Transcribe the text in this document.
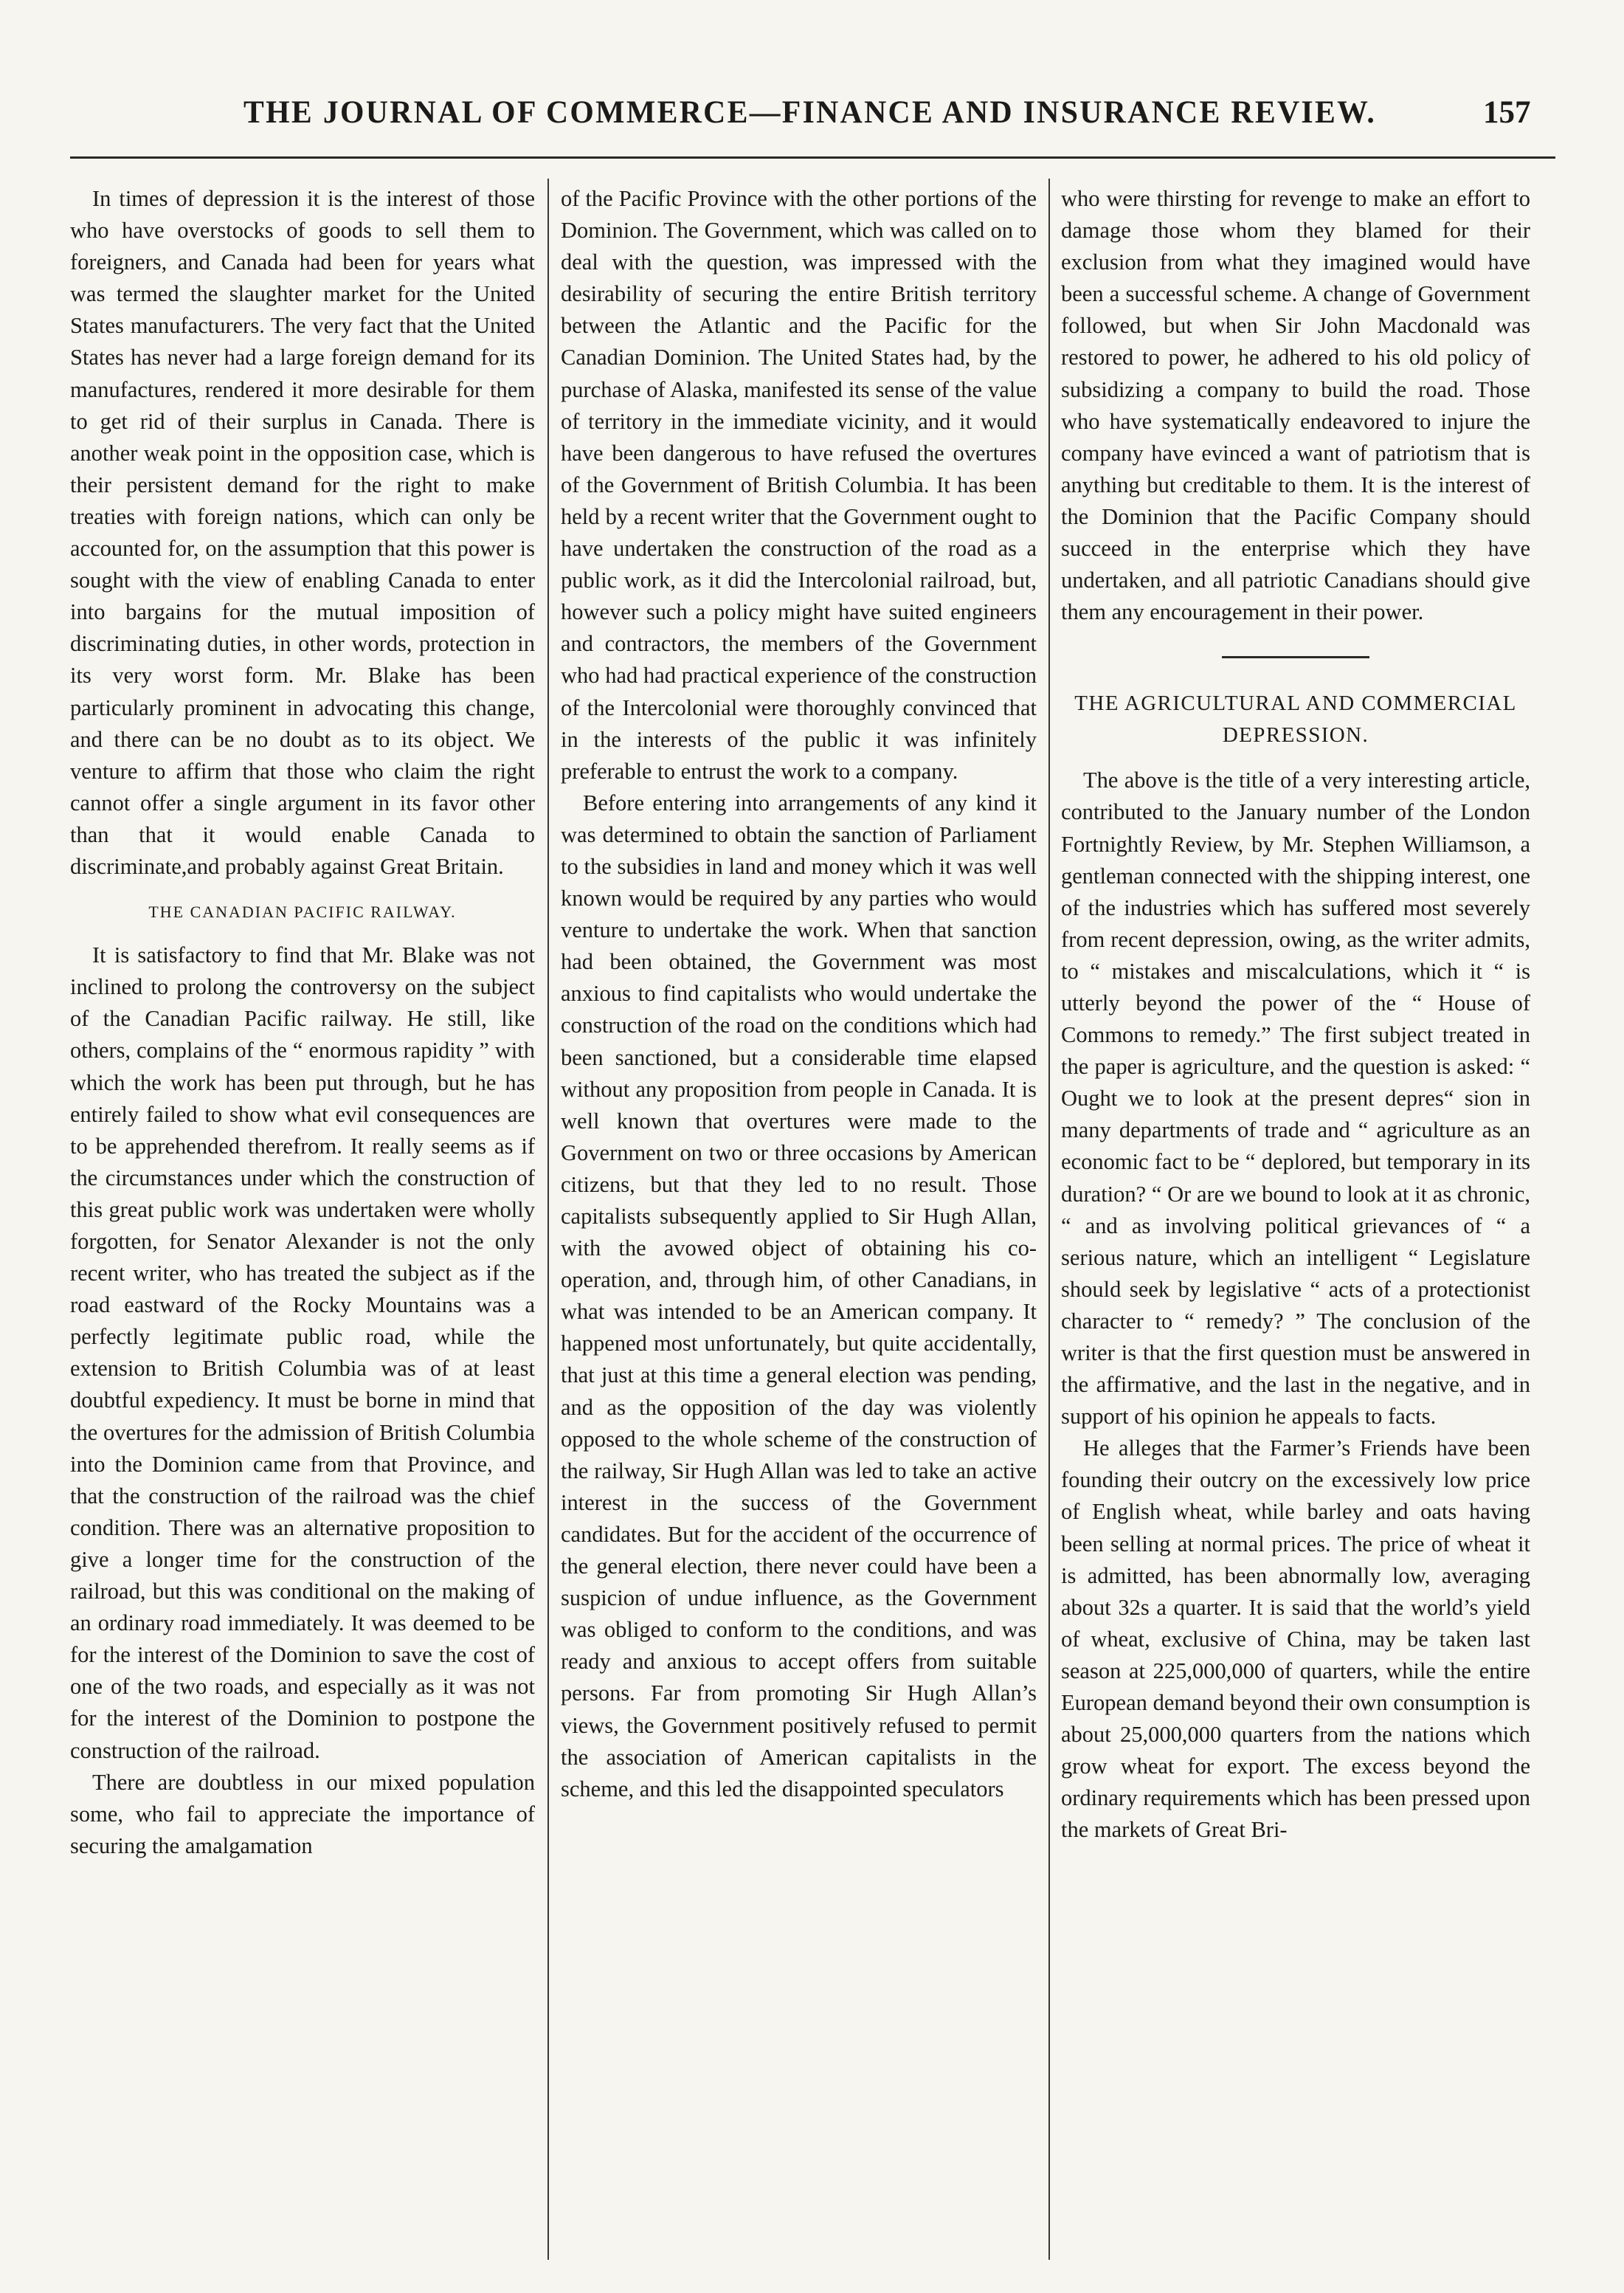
THE JOURNAL OF COMMERCE—FINANCE AND INSURANCE REVIEW.	157

In times of depression it is the interest of those who have overstocks of goods to sell them to foreigners, and Canada had been for years what was termed the slaughter market for the United States manufacturers. The very fact that the United States has never had a large foreign demand for its manufactures, rendered it more desirable for them to get rid of their surplus in Canada. There is another weak point in the opposition case, which is their persistent demand for the right to make treaties with foreign nations, which can only be accounted for, on the assumption that this power is sought with the view of enabling Canada to enter into bargains for the mutual imposition of discriminating duties, in other words, protection in its very worst form. Mr. Blake has been particularly prominent in advocating this change, and there can be no doubt as to its object. We venture to affirm that those who claim the right cannot offer a single argument in its favor other than that it would enable Canada to discriminate,and probably against Great Britain.

THE CANADIAN PACIFIC RAILWAY.

It is satisfactory to find that Mr. Blake was not inclined to prolong the controversy on the subject of the Canadian Pacific railway. He still, like others, complains of the “ enormous rapidity ” with which the work has been put through, but he has entirely failed to show what evil consequences are to be apprehended therefrom. It really seems as if the circumstances under which the construction of this great public work was undertaken were wholly forgotten, for Senator Alexander is not the only recent writer, who has treated the subject as if the road eastward of the Rocky Mountains was a perfectly legitimate public road, while the extension to British Columbia was of at least doubtful expediency. It must be borne in mind that the overtures for the admission of British Columbia into the Dominion came from that Province, and that the construction of the railroad was the chief condition. There was an alternative proposition to give a longer time for the construction of the railroad, but this was conditional on the making of an ordinary road immediately. It was deemed to be for the interest of the Dominion to save the cost of one of the two roads, and especially as it was not for the interest of the Dominion to postpone the construction of the railroad.

There are doubtless in our mixed population some, who fail to appreciate the importance of securing the amalgamation

of the Pacific Province with the other portions of the Dominion. The Government, which was called on to deal with the question, was impressed with the desirability of securing the entire British territory between the Atlantic and the Pacific for the Canadian Dominion. The United States had, by the purchase of Alaska, manifested its sense of the value of territory in the immediate vicinity, and it would have been dangerous to have refused the overtures of the Government of British Columbia. It has been held by a recent writer that the Government ought to have undertaken the construction of the road as a public work, as it did the Intercolonial railroad, but, however such a policy might have suited engineers and contractors, the members of the Government who had had practical experience of the construction of the Intercolonial were thoroughly convinced that in the interests of the public it was infinitely preferable to entrust the work to a company.

Before entering into arrangements of any kind it was determined to obtain the sanction of Parliament to the subsidies in land and money which it was well known would be required by any parties who would venture to undertake the work. When that sanction had been obtained, the Government was most anxious to find capitalists who would undertake the construction of the road on the conditions which had been sanctioned, but a considerable time elapsed without any proposition from people in Canada. It is well known that overtures were made to the Government on two or three occasions by American citizens, but that they led to no result. Those capitalists subsequently applied to Sir Hugh Allan, with the avowed object of obtaining his co-operation, and, through him, of other Canadians, in what was intended to be an American company. It happened most unfortunately, but quite accidentally, that just at this time a general election was pending, and as the opposition of the day was violently opposed to the whole scheme of the construction of the railway, Sir Hugh Allan was led to take an active interest in the success of the Government candidates. But for the accident of the occurrence of the general election, there never could have been a suspicion of undue influence, as the Government was obliged to conform to the conditions, and was ready and anxious to accept offers from suitable persons. Far from promoting Sir Hugh Allan’s views, the Government positively refused to permit the association of American capitalists in the scheme, and this led the disappointed speculators

who were thirsting for revenge to make an effort to damage those whom they blamed for their exclusion from what they imagined would have been a successful scheme. A change of Government followed, but when Sir John Macdonald was restored to power, he adhered to his old policy of subsidizing a company to build the road. Those who have systematically endeavored to injure the company have evinced a want of patriotism that is anything but creditable to them. It is the interest of the Dominion that the Pacific Company should succeed in the enterprise which they have undertaken, and all patriotic Canadians should give them any encouragement in their power.

THE AGRICULTURAL AND COMMERCIAL DEPRESSION.

The above is the title of a very interesting article, contributed to the January number of the London Fortnightly Review, by Mr. Stephen Williamson, a gentleman connected with the shipping interest, one of the industries which has suffered most severely from recent depression, owing, as the writer admits, to “ mistakes and miscalculations, which it “ is utterly beyond the power of the “ House of Commons to remedy.” The first subject treated in the paper is agriculture, and the question is asked: “ Ought we to look at the present depres“ sion in many departments of trade and “ agriculture as an economic fact to be “ deplored, but temporary in its duration? “ Or are we bound to look at it as chronic, “ and as involving political grievances of “ a serious nature, which an intelligent “ Legislature should seek by legislative “ acts of a protectionist character to “ remedy? ” The conclusion of the writer is that the first question must be answered in the affirmative, and the last in the negative, and in support of his opinion he appeals to facts.

He alleges that the Farmer’s Friends have been founding their outcry on the excessively low price of English wheat, while barley and oats having been selling at normal prices. The price of wheat it is admitted, has been abnormally low, averaging about 32s a quarter. It is said that the world’s yield of wheat, exclusive of China, may be taken last season at 225,000,000 of quarters, while the entire European demand beyond their own consumption is about 25,000,000 quarters from the nations which grow wheat for export. The excess beyond the ordinary requirements which has been pressed upon the markets of Great Bri-
